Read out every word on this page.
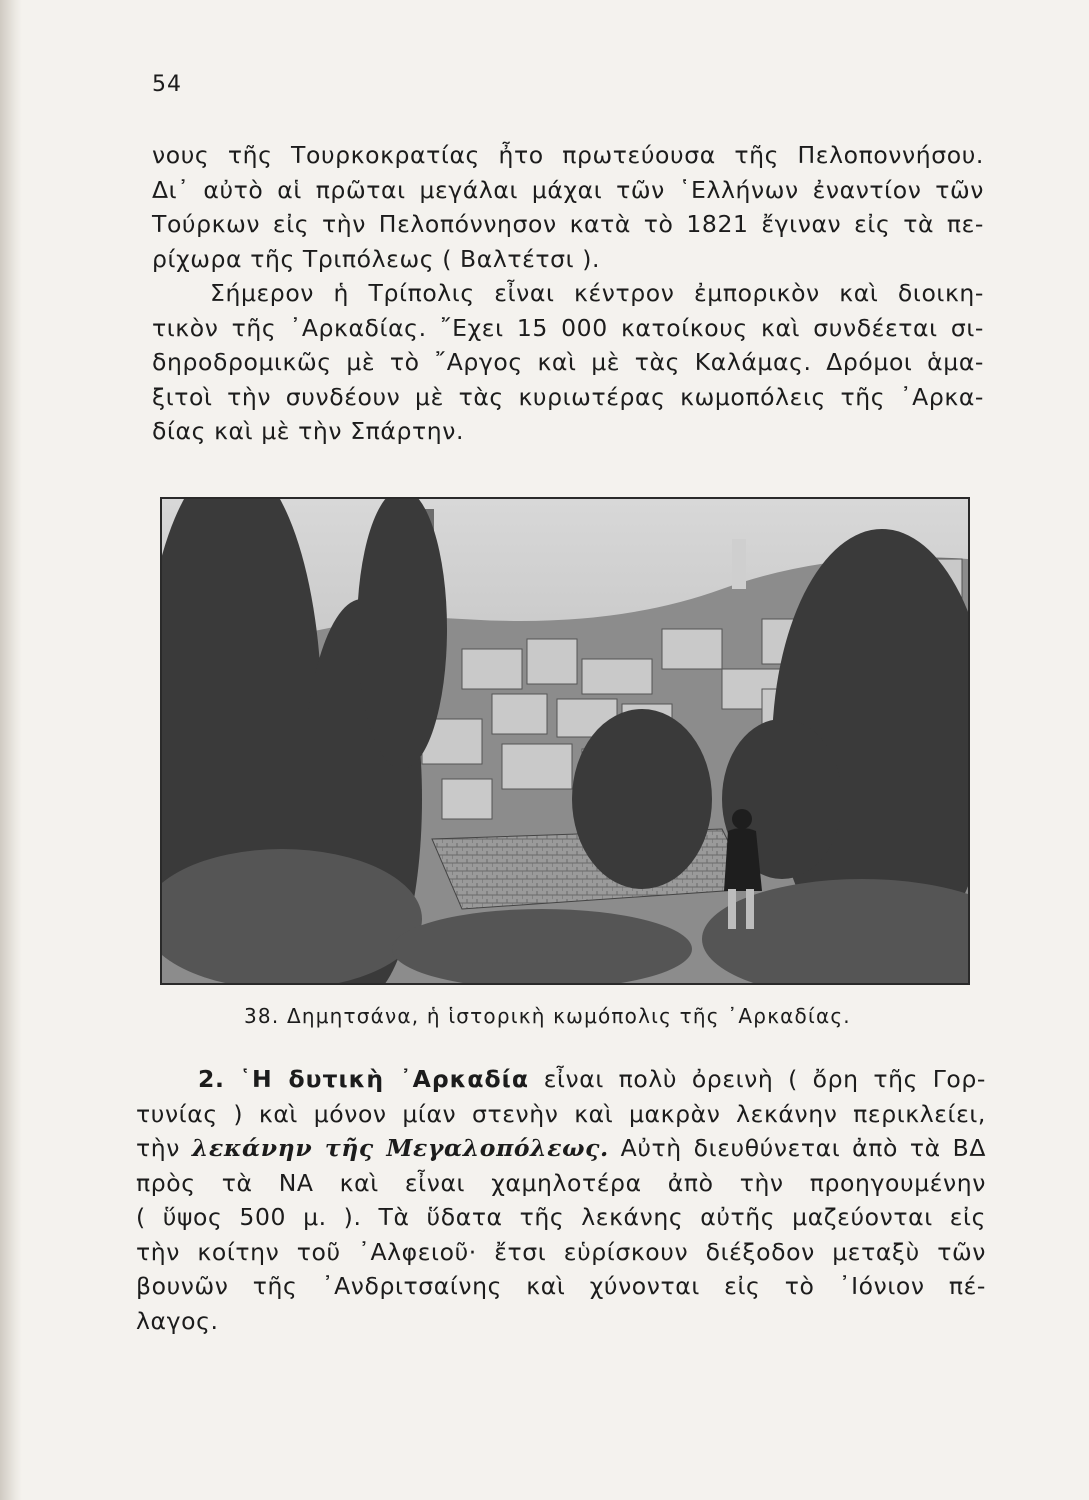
54
νους τῆς Τουρκοκρατίας ἦτο πρωτεύουσα τῆς Πελοποννήσου.
Δι᾿ αὐτὸ αἱ πρῶται μεγάλαι μάχαι τῶν ῾Ελλήνων ἐναντίον τῶν
Τούρκων εἰς τὴν Πελοπόννησον κατὰ τὸ 1821 ἔγιναν εἰς τὰ πε-
ρίχωρα τῆς Τριπόλεως ( Βαλτέτσι ).
Σήμερον ἡ Τρίπολις εἶναι κέντρον ἐμπορικὸν καὶ διοικη-
τικὸν τῆς ᾿Αρκαδίας. ῎Εχει 15 000 κατοίκους καὶ συνδέεται σι-
δηροδρομικῶς μὲ τὸ ῎Αργος καὶ μὲ τὰς Καλάμας. Δρόμοι ἁμα-
ξιτοὶ τὴν συνδέουν μὲ τὰς κυριωτέρας κωμοπόλεις τῆς ᾿Αρκα-
δίας καὶ μὲ τὴν Σπάρτην.
38. Δημητσάνα, ἡ ἱστορικὴ κωμόπολις τῆς ᾿Αρκαδίας.
2. ῾Η δυτικὴ ᾿Αρκαδία εἶναι πολὺ ὀρεινὴ ( ὄρη τῆς Γορ-
τυνίας ) καὶ μόνον μίαν στενὴν καὶ μακρὰν λεκάνην περικλείει,
τὴν λεκάνην τῆς Μεγαλοπόλεως. Αὐτὴ διευθύνεται ἀπὸ τὰ ΒΔ
πρὸς τὰ ΝΑ καὶ εἶναι χαμηλοτέρα ἀπὸ τὴν προηγουμένην
( ὕψος 500 μ. ). Τὰ ὕδατα τῆς λεκάνης αὐτῆς μαζεύονται εἰς
τὴν κοίτην τοῦ ᾿Αλφειοῦ· ἔτσι εὑρίσκουν διέξοδον μεταξὺ τῶν
βουνῶν τῆς ᾿Ανδριτσαίνης καὶ χύνονται εἰς τὸ ᾿Ιόνιον πέ-
λαγος.
